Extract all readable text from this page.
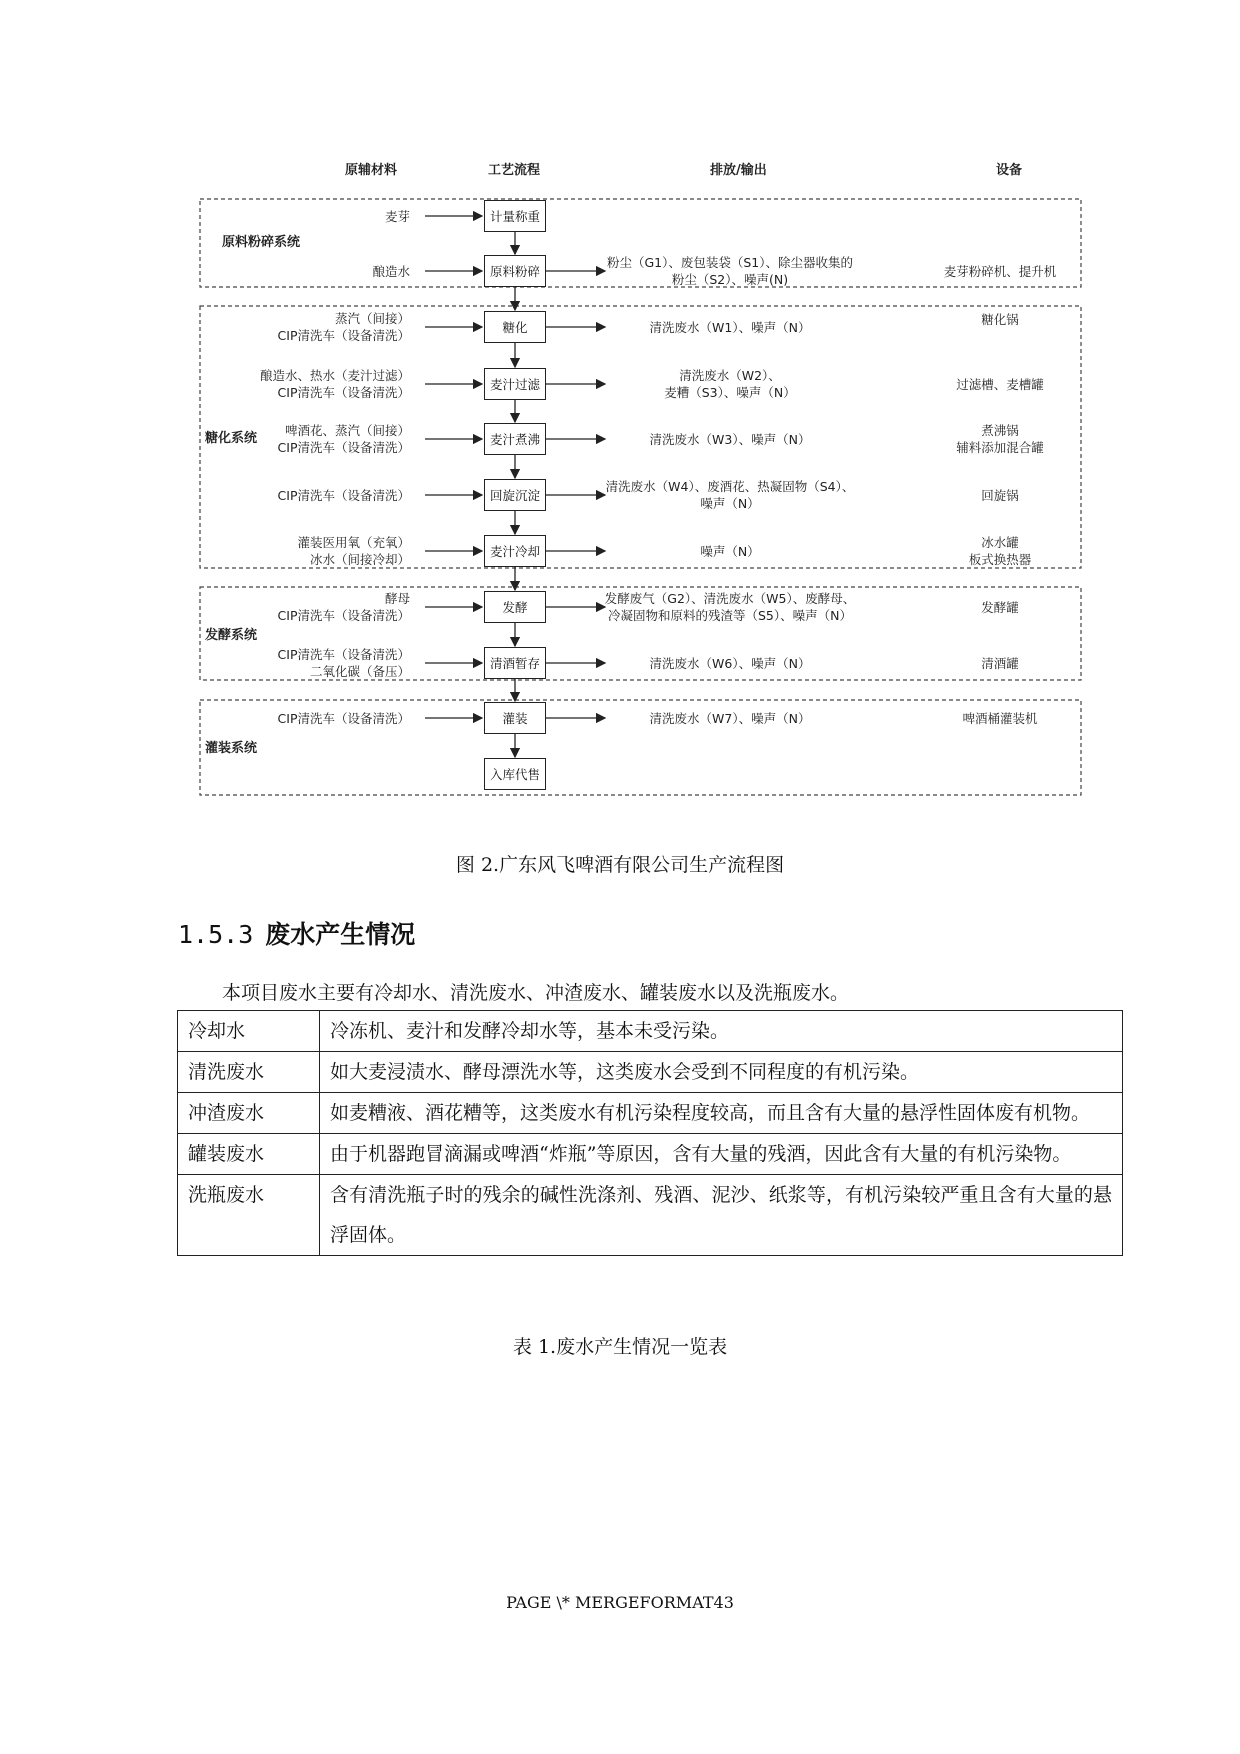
原辅材料	工艺流程	排放/输出	设备
原料粉碎系统
糖化系统
发酵系统
灌装系统
计量称重
麦芽
原料粉碎
酿造水
粉尘（G1）、废包装袋（S1）、除尘器收集的
粉尘（S2）、噪声(N)
麦芽粉碎机、提升机
糖化
蒸汽（间接）
CIP清洗车（设备清洗）
清洗废水（W1）、噪声（N）
糖化锅
麦汁过滤
酿造水、热水（麦汁过滤）
CIP清洗车（设备清洗）
清洗废水（W2）、
麦糟（S3）、噪声（N）
过滤槽、麦槽罐
麦汁煮沸
啤酒花、蒸汽（间接）
CIP清洗车（设备清洗）
清洗废水（W3）、噪声（N）
煮沸锅
辅料添加混合罐
回旋沉淀
CIP清洗车（设备清洗）
清洗废水（W4）、废酒花、热凝固物（S4）、
噪声（N）
回旋锅
麦汁冷却
灌装医用氧（充氧）
冰水（间接冷却）
噪声（N）
冰水罐
板式换热器
发酵
酵母
CIP清洗车（设备清洗）
发酵废气（G2）、清洗废水（W5）、废酵母、
冷凝固物和原料的残渣等（S5）、噪声（N）
发酵罐
清酒暂存
CIP清洗车（设备清洗）
二氧化碳（备压）
清洗废水（W6）、噪声（N）	清酒罐
灌装
CIP清洗车（设备清洗）	清洗废水（W7）、噪声（N）	啤酒桶灌装机
入库代售
图 2.广东风飞啤酒有限公司生产流程图
1.5.3 废水产生情况
本项目废水主要有冷却水、清洗废水、冲渣废水、罐装废水以及洗瓶废水。
冷却水	冷冻机、麦汁和发酵冷却水等，基本未受污染。
清洗废水	如大麦浸渍水、酵母漂洗水等，这类废水会受到不同程度的有机污染。
冲渣废水	如麦糟液、酒花糟等，这类废水有机污染程度较高，而且含有大量的悬浮性固体废有机物。
罐装废水	由于机器跑冒滴漏或啤酒“炸瓶”等原因，含有大量的残酒，因此含有大量的有机污染物。
洗瓶废水	含有清洗瓶子时的残余的碱性洗涤剂、残酒、泥沙、纸浆等，有机污染较严重且含有大量的悬浮固体。
表 1.废水产生情况一览表
PAGE \* MERGEFORMAT43
